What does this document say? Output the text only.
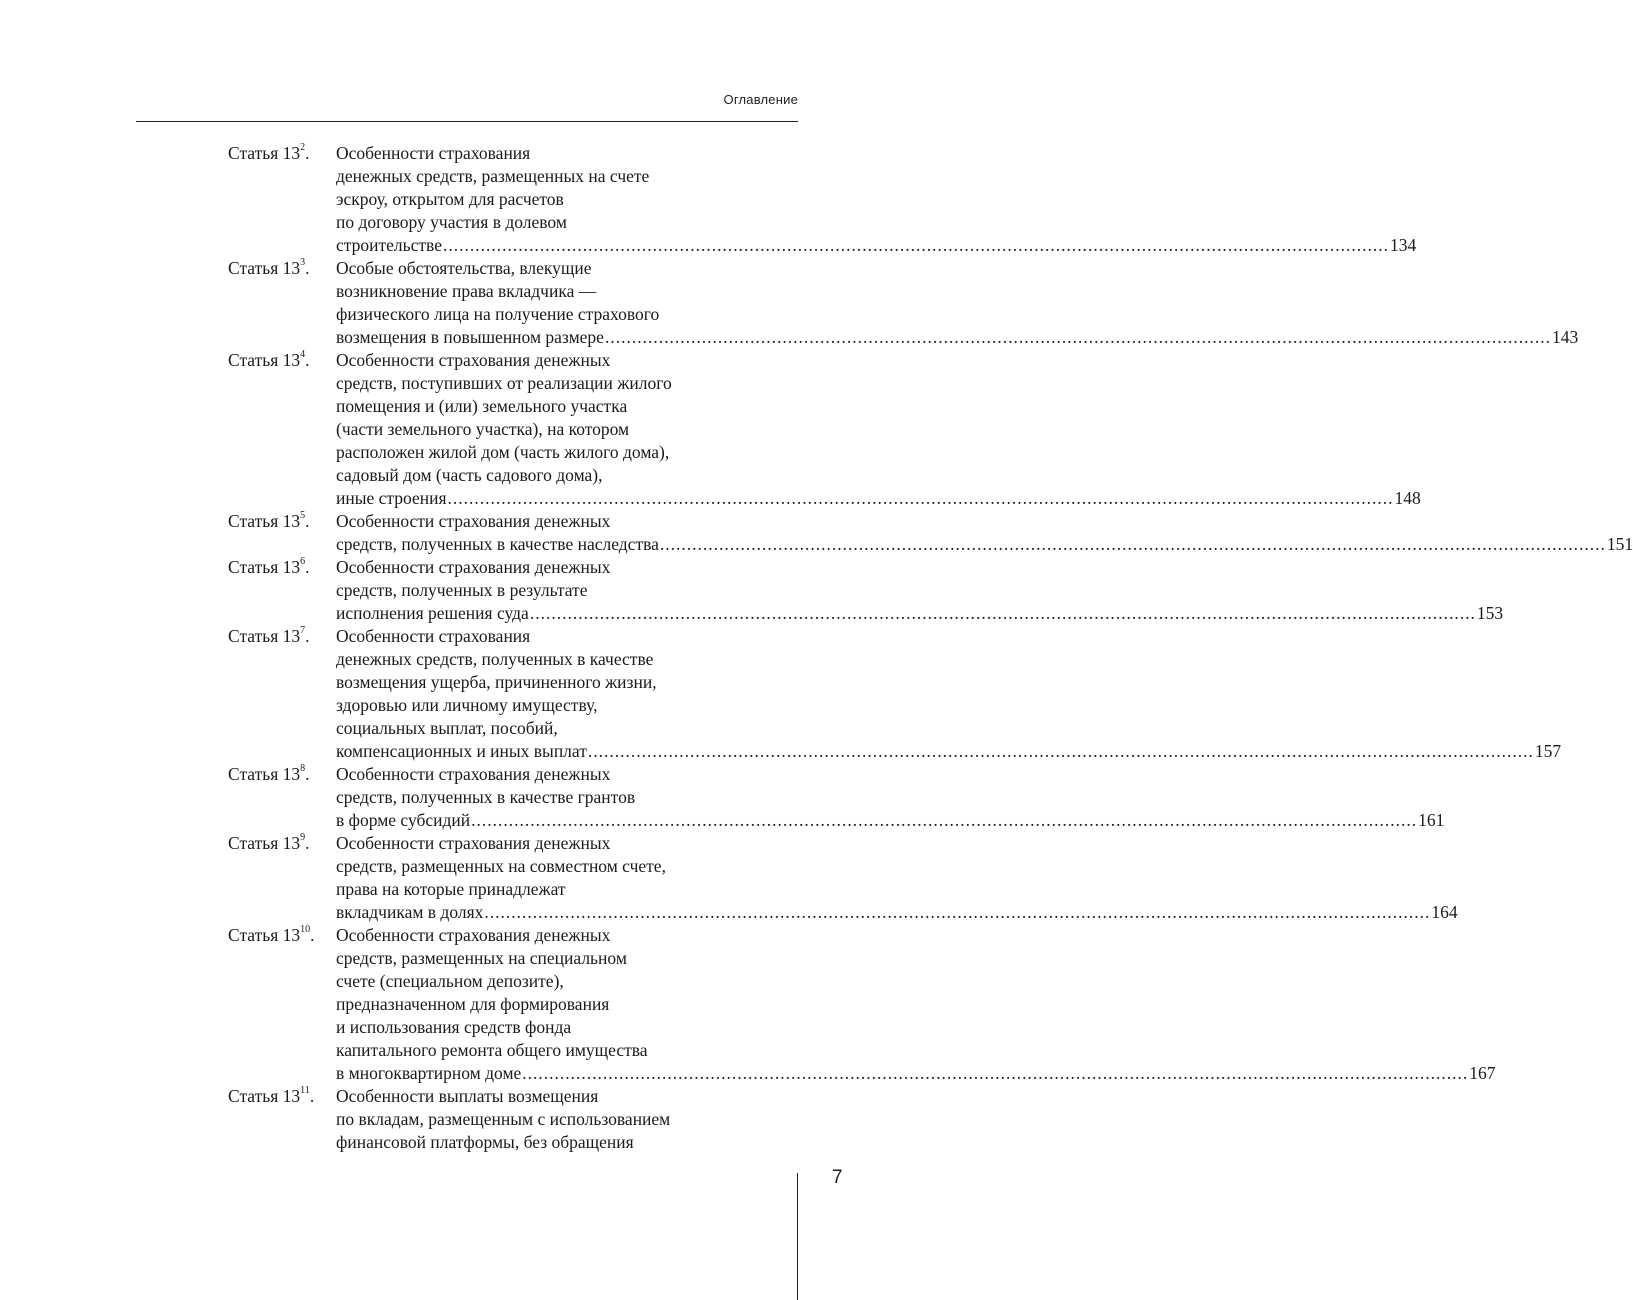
Оглавление
Статья $13^2$.	Особенности страхования
денежных средств, размещенных на счете
эскроу, открытом для расчетов
по договору участия в долевом
строительстве ................................................................................................................................................................................ 134
Статья $13^3$.	Особые обстоятельства, влекущие
возникновение права вкладчика —
физического лица на получение страхового
возмещения в повышенном размере ................................................................................................................................................................................ 143
Статья $13^4$.	Особенности страхования денежных
средств, поступивших от реализации жилого
помещения и (или) земельного участка
(части земельного участка), на котором
расположен жилой дом (часть жилого дома),
садовый дом (часть садового дома),
иные строения ................................................................................................................................................................................ 148
Статья $13^5$.	Особенности страхования денежных
средств, полученных в качестве наследства ................................................................................................................................................................................ 151
Статья $13^6$.	Особенности страхования денежных
средств, полученных в результате
исполнения решения суда ................................................................................................................................................................................ 153
Статья $13^7$.	Особенности страхования
денежных средств, полученных в качестве
возмещения ущерба, причиненного жизни,
здоровью или личному имуществу,
социальных выплат, пособий,
компенсационных и иных выплат ................................................................................................................................................................................ 157
Статья $13^8$.	Особенности страхования денежных
средств, полученных в качестве грантов
в форме субсидий ................................................................................................................................................................................ 161
Статья $13^9$.	Особенности страхования денежных
средств, размещенных на совместном счете,
права на которые принадлежат
вкладчикам в долях ................................................................................................................................................................................ 164
Статья $13^{10}$.	Особенности страхования денежных
средств, размещенных на специальном
счете (специальном депозите),
предназначенном для формирования
и использования средств фонда
капитального ремонта общего имущества
в многоквартирном доме ................................................................................................................................................................................ 167
Статья $13^{11}$.	Особенности выплаты возмещения
по вкладам, размещенным с использованием
финансовой платформы, без обращения
7
